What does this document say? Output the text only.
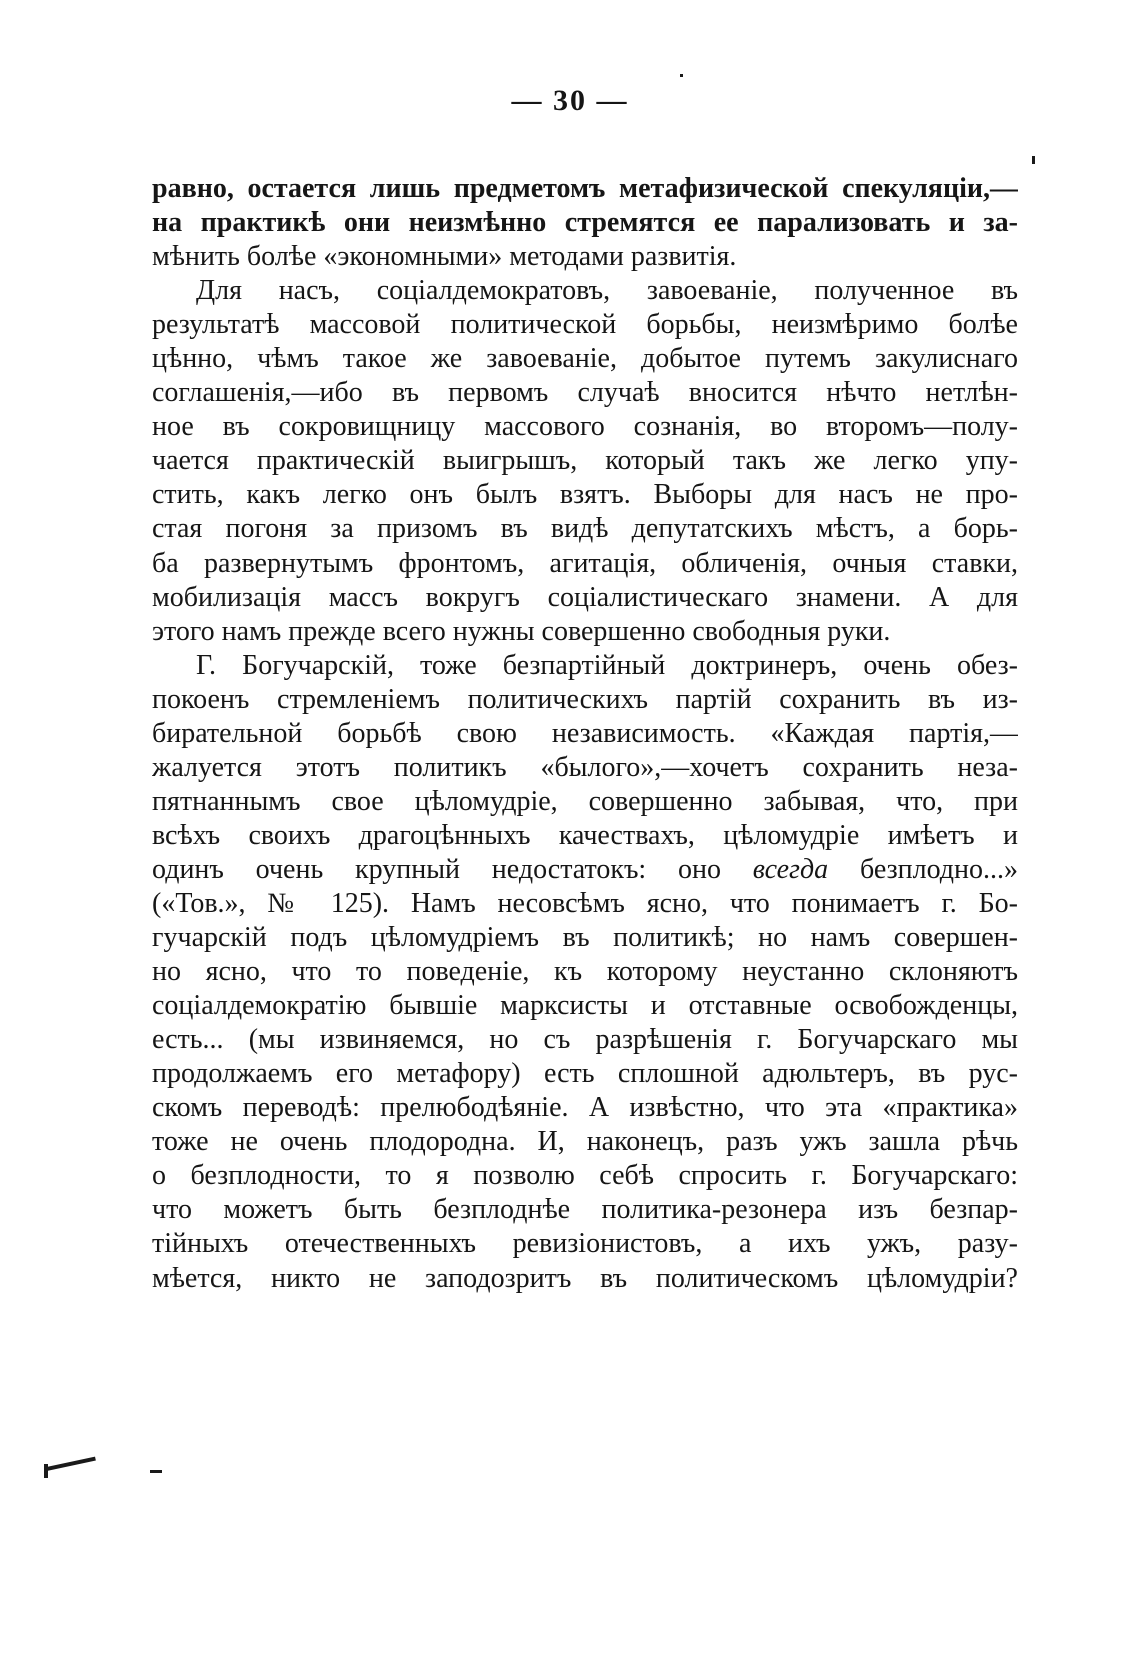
— 30 —
равно, остается лишь предметомъ метафизической спекуляціи,—
на практикѣ они неизмѣнно стремятся ее парализовать и за-
мѣнить болѣе «экономными» методами развитія.
Для насъ, соціалдемократовъ, завоеваніе, полученное въ
результатѣ массовой политической борьбы, неизмѣримо болѣе
цѣнно, чѣмъ такое же завоеваніе, добытое путемъ закулиснаго
соглашенія,—ибо въ первомъ случаѣ вносится нѣчто нетлѣн-
ное въ сокровищницу массового сознанія, во второмъ—полу-
чается практическій выигрышъ, который такъ же легко упу-
стить, какъ легко онъ былъ взятъ. Выборы для насъ не про-
стая погоня за призомъ въ видѣ депутатскихъ мѣстъ, а борь-
ба развернутымъ фронтомъ, агитація, обличенія, очныя ставки,
мобилизація массъ вокругъ соціалистическаго знамени. А для
этого намъ прежде всего нужны совершенно свободныя руки.
Г. Богучарскій, тоже безпартійный доктринеръ, очень обез-
покоенъ стремленіемъ политическихъ партій сохранить въ из-
бирательной борьбѣ свою независимость. «Каждая партія,—
жалуется этотъ политикъ «былого»,—хочетъ сохранить неза-
пятнаннымъ свое цѣломудріе, совершенно забывая, что, при
всѣхъ своихъ драгоцѣнныхъ качествахъ, цѣломудріе имѣетъ и
одинъ очень крупный недостатокъ: оно всегда безплодно...»
(«Тов.», № 125). Намъ несовсѣмъ ясно, что понимаетъ г. Бо-
гучарскій подъ цѣломудріемъ въ политикѣ; но намъ совершен-
но ясно, что то поведеніе, къ которому неустанно склоняютъ
соціалдемократію бывшіе марксисты и отставные освобожденцы,
есть... (мы извиняемся, но съ разрѣшенія г. Богучарскаго мы
продолжаемъ его метафору) есть сплошной адюльтеръ, въ рус-
скомъ переводѣ: прелюбодѣяніе. А извѣстно, что эта «практика»
тоже не очень плодородна. И, наконецъ, разъ ужъ зашла рѣчь
о безплодности, то я позволю себѣ спросить г. Богучарскаго:
что можетъ быть безплоднѣе политика-резонера изъ безпар-
тійныхъ отечественныхъ ревизіонистовъ, а ихъ ужъ, разу-
мѣется, никто не заподозритъ въ политическомъ цѣломудріи?
